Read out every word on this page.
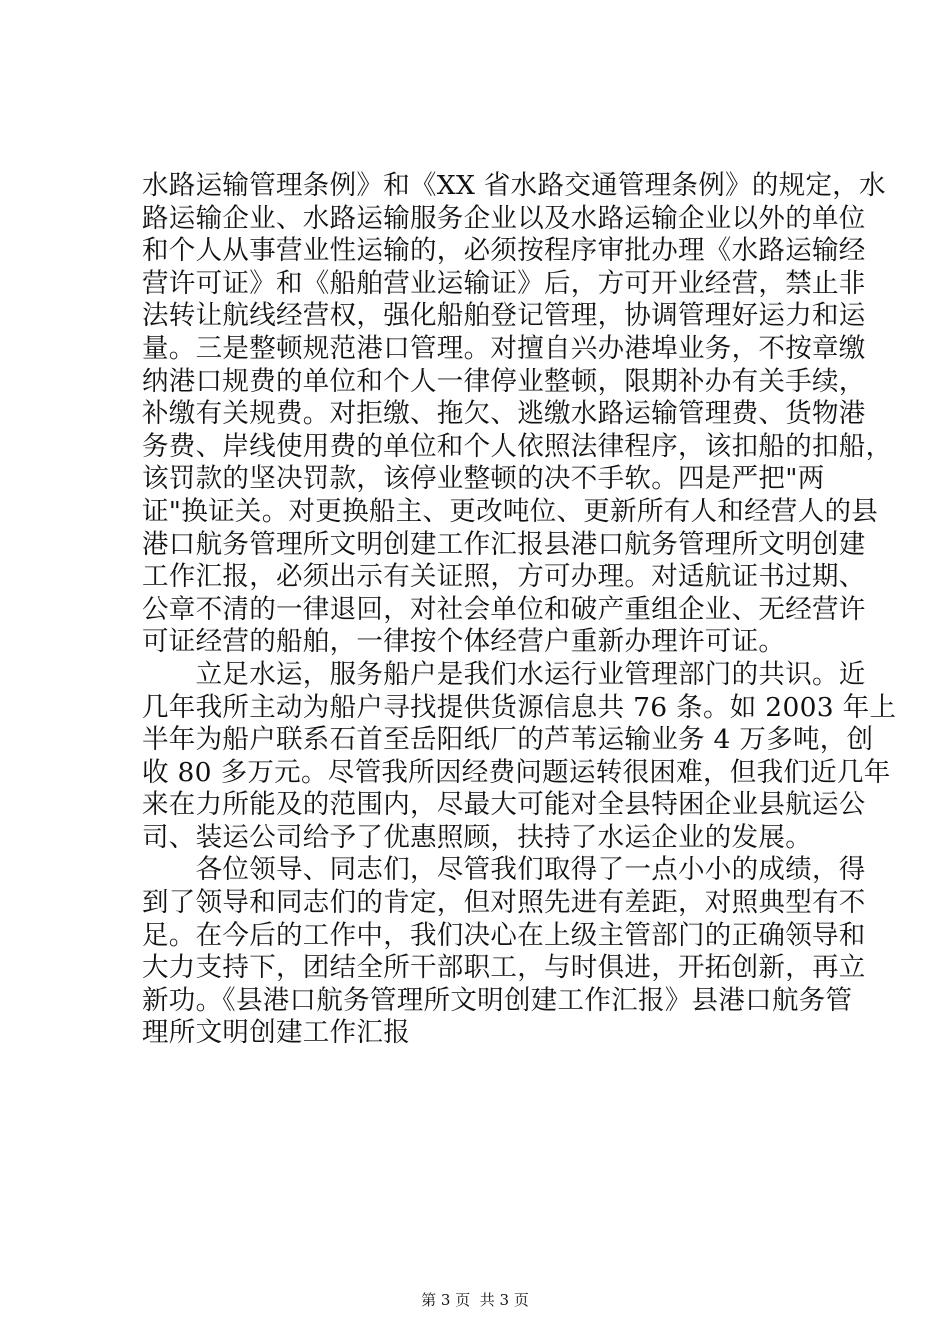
水路运输管理条例》和《XX 省水路交通管理条例》的规定，水
路运输企业、水路运输服务企业以及水路运输企业以外的单位
和个人从事营业性运输的，必须按程序审批办理《水路运输经
营许可证》和《船舶营业运输证》后，方可开业经营，禁止非
法转让航线经营权，强化船舶登记管理，协调管理好运力和运
量。三是整顿规范港口管理。对擅自兴办港埠业务，不按章缴
纳港口规费的单位和个人一律停业整顿，限期补办有关手续，
补缴有关规费。对拒缴、拖欠、逃缴水路运输管理费、货物港
务费、岸线使用费的单位和个人依照法律程序，该扣船的扣船，
该罚款的坚决罚款，该停业整顿的决不手软。四是严把"两
证"换证关。对更换船主、更改吨位、更新所有人和经营人的县
港口航务管理所文明创建工作汇报县港口航务管理所文明创建
工作汇报，必须出示有关证照，方可办理。对适航证书过期、
公章不清的一律退回，对社会单位和破产重组企业、无经营许
可证经营的船舶，一律按个体经营户重新办理许可证。
　　立足水运，服务船户是我们水运行业管理部门的共识。近
几年我所主动为船户寻找提供货源信息共 76 条。如 2003 年上
半年为船户联系石首至岳阳纸厂的芦苇运输业务 4 万多吨，创
收 80 多万元。尽管我所因经费问题运转很困难，但我们近几年
来在力所能及的范围内，尽最大可能对全县特困企业县航运公
司、装运公司给予了优惠照顾，扶持了水运企业的发展。
　　各位领导、同志们，尽管我们取得了一点小小的成绩，得
到了领导和同志们的肯定，但对照先进有差距，对照典型有不
足。在今后的工作中，我们决心在上级主管部门的正确领导和
大力支持下，团结全所干部职工，与时俱进，开拓创新，再立
新功。《县港口航务管理所文明创建工作汇报》县港口航务管
理所文明创建工作汇报
第 3 页  共 3 页
